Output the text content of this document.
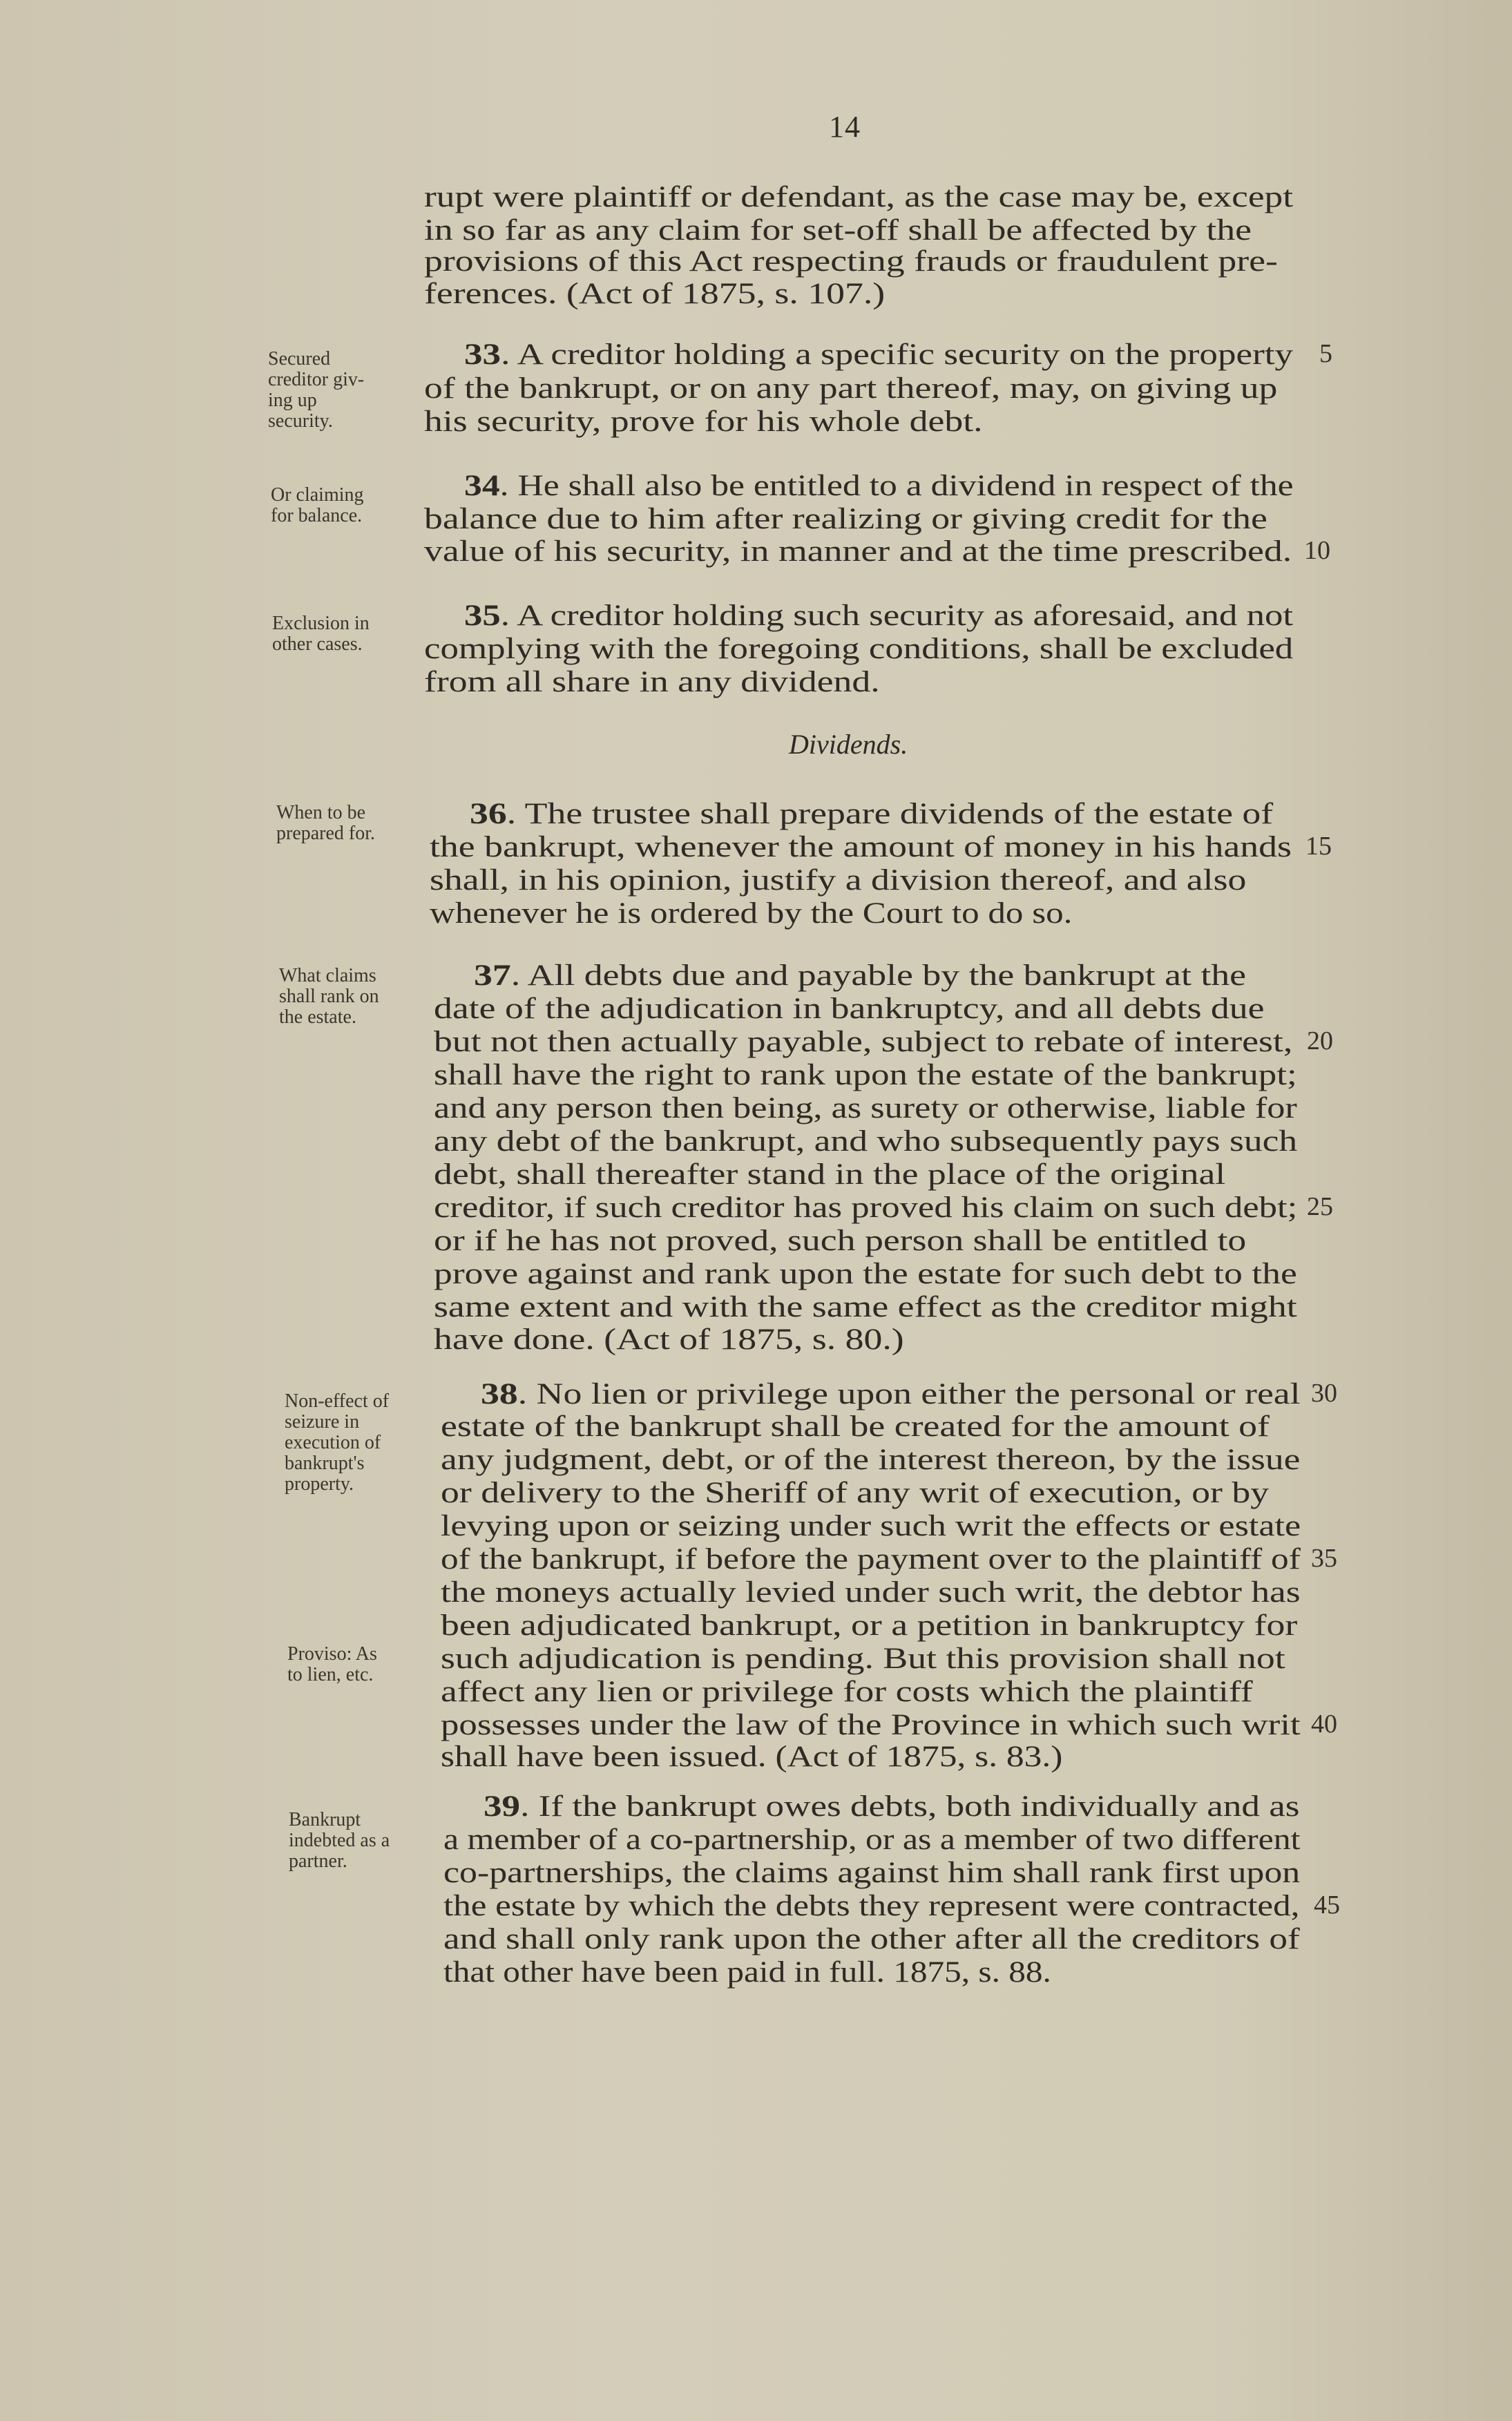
14
Dividends.
rupt were plaintiff or defendant, as the case may be, except
in so far as any claim for set-off shall be affected by the
provisions of this Act respecting frauds or fraudulent pre-
ferences. (Act of 1875, s. 107.)
33. A creditor holding a specific security on the property
of the bankrupt, or on any part thereof, may, on giving up
his security, prove for his whole debt.
34. He shall also be entitled to a dividend in respect of the
balance due to him after realizing or giving credit for the
value of his security, in manner and at the time prescribed.
35. A creditor holding such security as aforesaid, and not
complying with the foregoing conditions, shall be excluded
from all share in any dividend.
36. The trustee shall prepare dividends of the estate of
the bankrupt, whenever the amount of money in his hands
shall, in his opinion, justify a division thereof, and also
whenever he is ordered by the Court to do so.
37. All debts due and payable by the bankrupt at the
date of the adjudication in bankruptcy, and all debts due
but not then actually payable, subject to rebate of interest,
shall have the right to rank upon the estate of the bankrupt;
and any person then being, as surety or otherwise, liable for
any debt of the bankrupt, and who subsequently pays such
debt, shall thereafter stand in the place of the original
creditor, if such creditor has proved his claim on such debt;
or if he has not proved, such person shall be entitled to
prove against and rank upon the estate for such debt to the
same extent and with the same effect as the creditor might
have done. (Act of 1875, s. 80.)
38. No lien or privilege upon either the personal or real
estate of the bankrupt shall be created for the amount of
any judgment, debt, or of the interest thereon, by the issue
or delivery to the Sheriff of any writ of execution, or by
levying upon or seizing under such writ the effects or estate
of the bankrupt, if before the payment over to the plaintiff of
the moneys actually levied under such writ, the debtor has
been adjudicated bankrupt, or a petition in bankruptcy for
such adjudication is pending. But this provision shall not
affect any lien or privilege for costs which the plaintiff
possesses under the law of the Province in which such writ
shall have been issued. (Act of 1875, s. 83.)
39. If the bankrupt owes debts, both individually and as
a member of a co-partnership, or as a member of two different
co-partnerships, the claims against him shall rank first upon
the estate by which the debts they represent were contracted,
and shall only rank upon the other after all the creditors of
that other have been paid in full. 1875, s. 88.
Secured
creditor giv-
ing up
security.
Or claiming
for balance.
Exclusion in
other cases.
When to be
prepared for.
What claims
shall rank on
the estate.
Non-effect of
seizure in
execution of
bankrupt's
property.
Proviso: As
to lien, etc.
Bankrupt
indebted as a
partner.
5
10
15
20
25
30
35
40
45
